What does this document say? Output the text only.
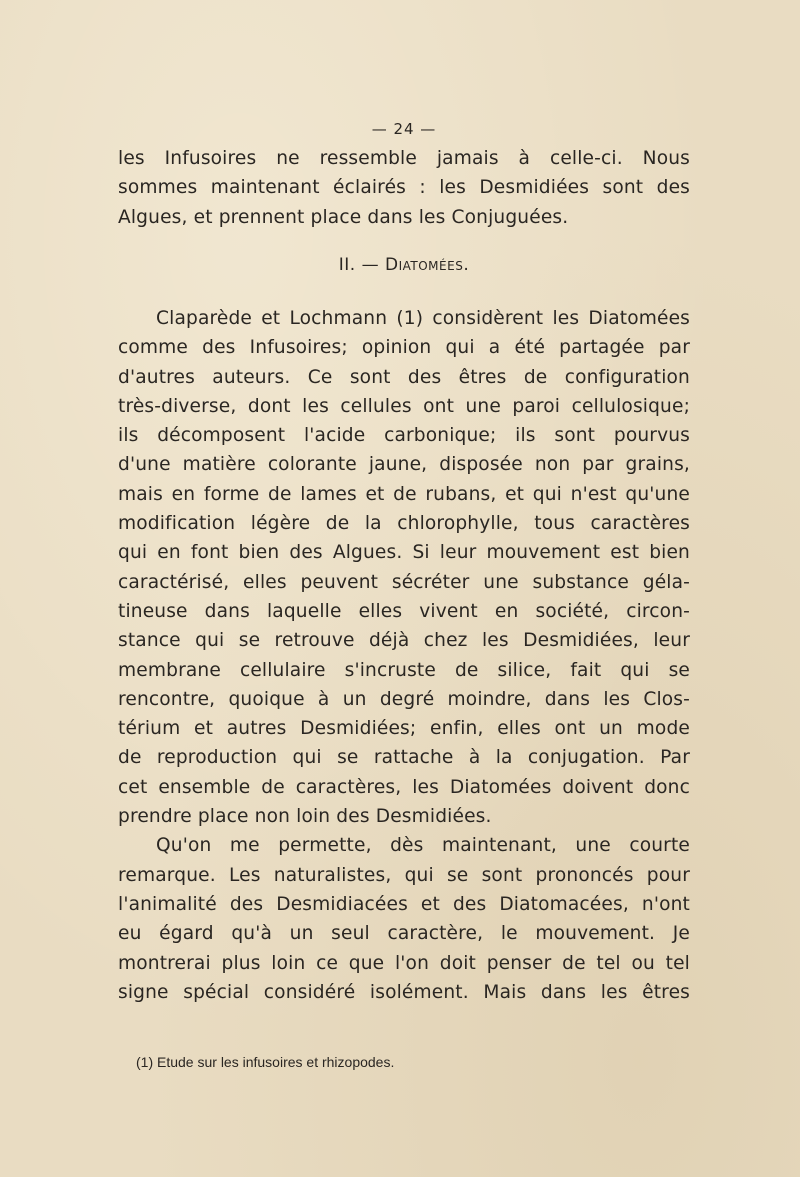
— 24 —

les Infusoires ne ressemble jamais à celle-ci. Nous
sommes maintenant éclairés : les Desmidiées sont des
Algues, et prennent place dans les Conjuguées.

II. — Diatomées.

Claparède et Lochmann (1) considèrent les Diatomées
comme des Infusoires; opinion qui a été partagée par
d'autres auteurs. Ce sont des êtres de configuration
très-diverse, dont les cellules ont une paroi cellulosique;
ils décomposent l'acide carbonique; ils sont pourvus
d'une matière colorante jaune, disposée non par grains,
mais en forme de lames et de rubans, et qui n'est qu'une
modification légère de la chlorophylle, tous caractères
qui en font bien des Algues. Si leur mouvement est bien
caractérisé, elles peuvent sécréter une substance géla-
tineuse dans laquelle elles vivent en société, circon-
stance qui se retrouve déjà chez les Desmidiées, leur
membrane cellulaire s'incruste de silice, fait qui se
rencontre, quoique à un degré moindre, dans les Clos-
térium et autres Desmidiées; enfin, elles ont un mode
de reproduction qui se rattache à la conjugation. Par
cet ensemble de caractères, les Diatomées doivent donc
prendre place non loin des Desmidiées.

Qu'on me permette, dès maintenant, une courte
remarque. Les naturalistes, qui se sont prononcés pour
l'animalité des Desmidiacées et des Diatomacées, n'ont
eu égard qu'à un seul caractère, le mouvement. Je
montrerai plus loin ce que l'on doit penser de tel ou tel
signe spécial considéré isolément. Mais dans les êtres

(1) Etude sur les infusoires et rhizopodes.
